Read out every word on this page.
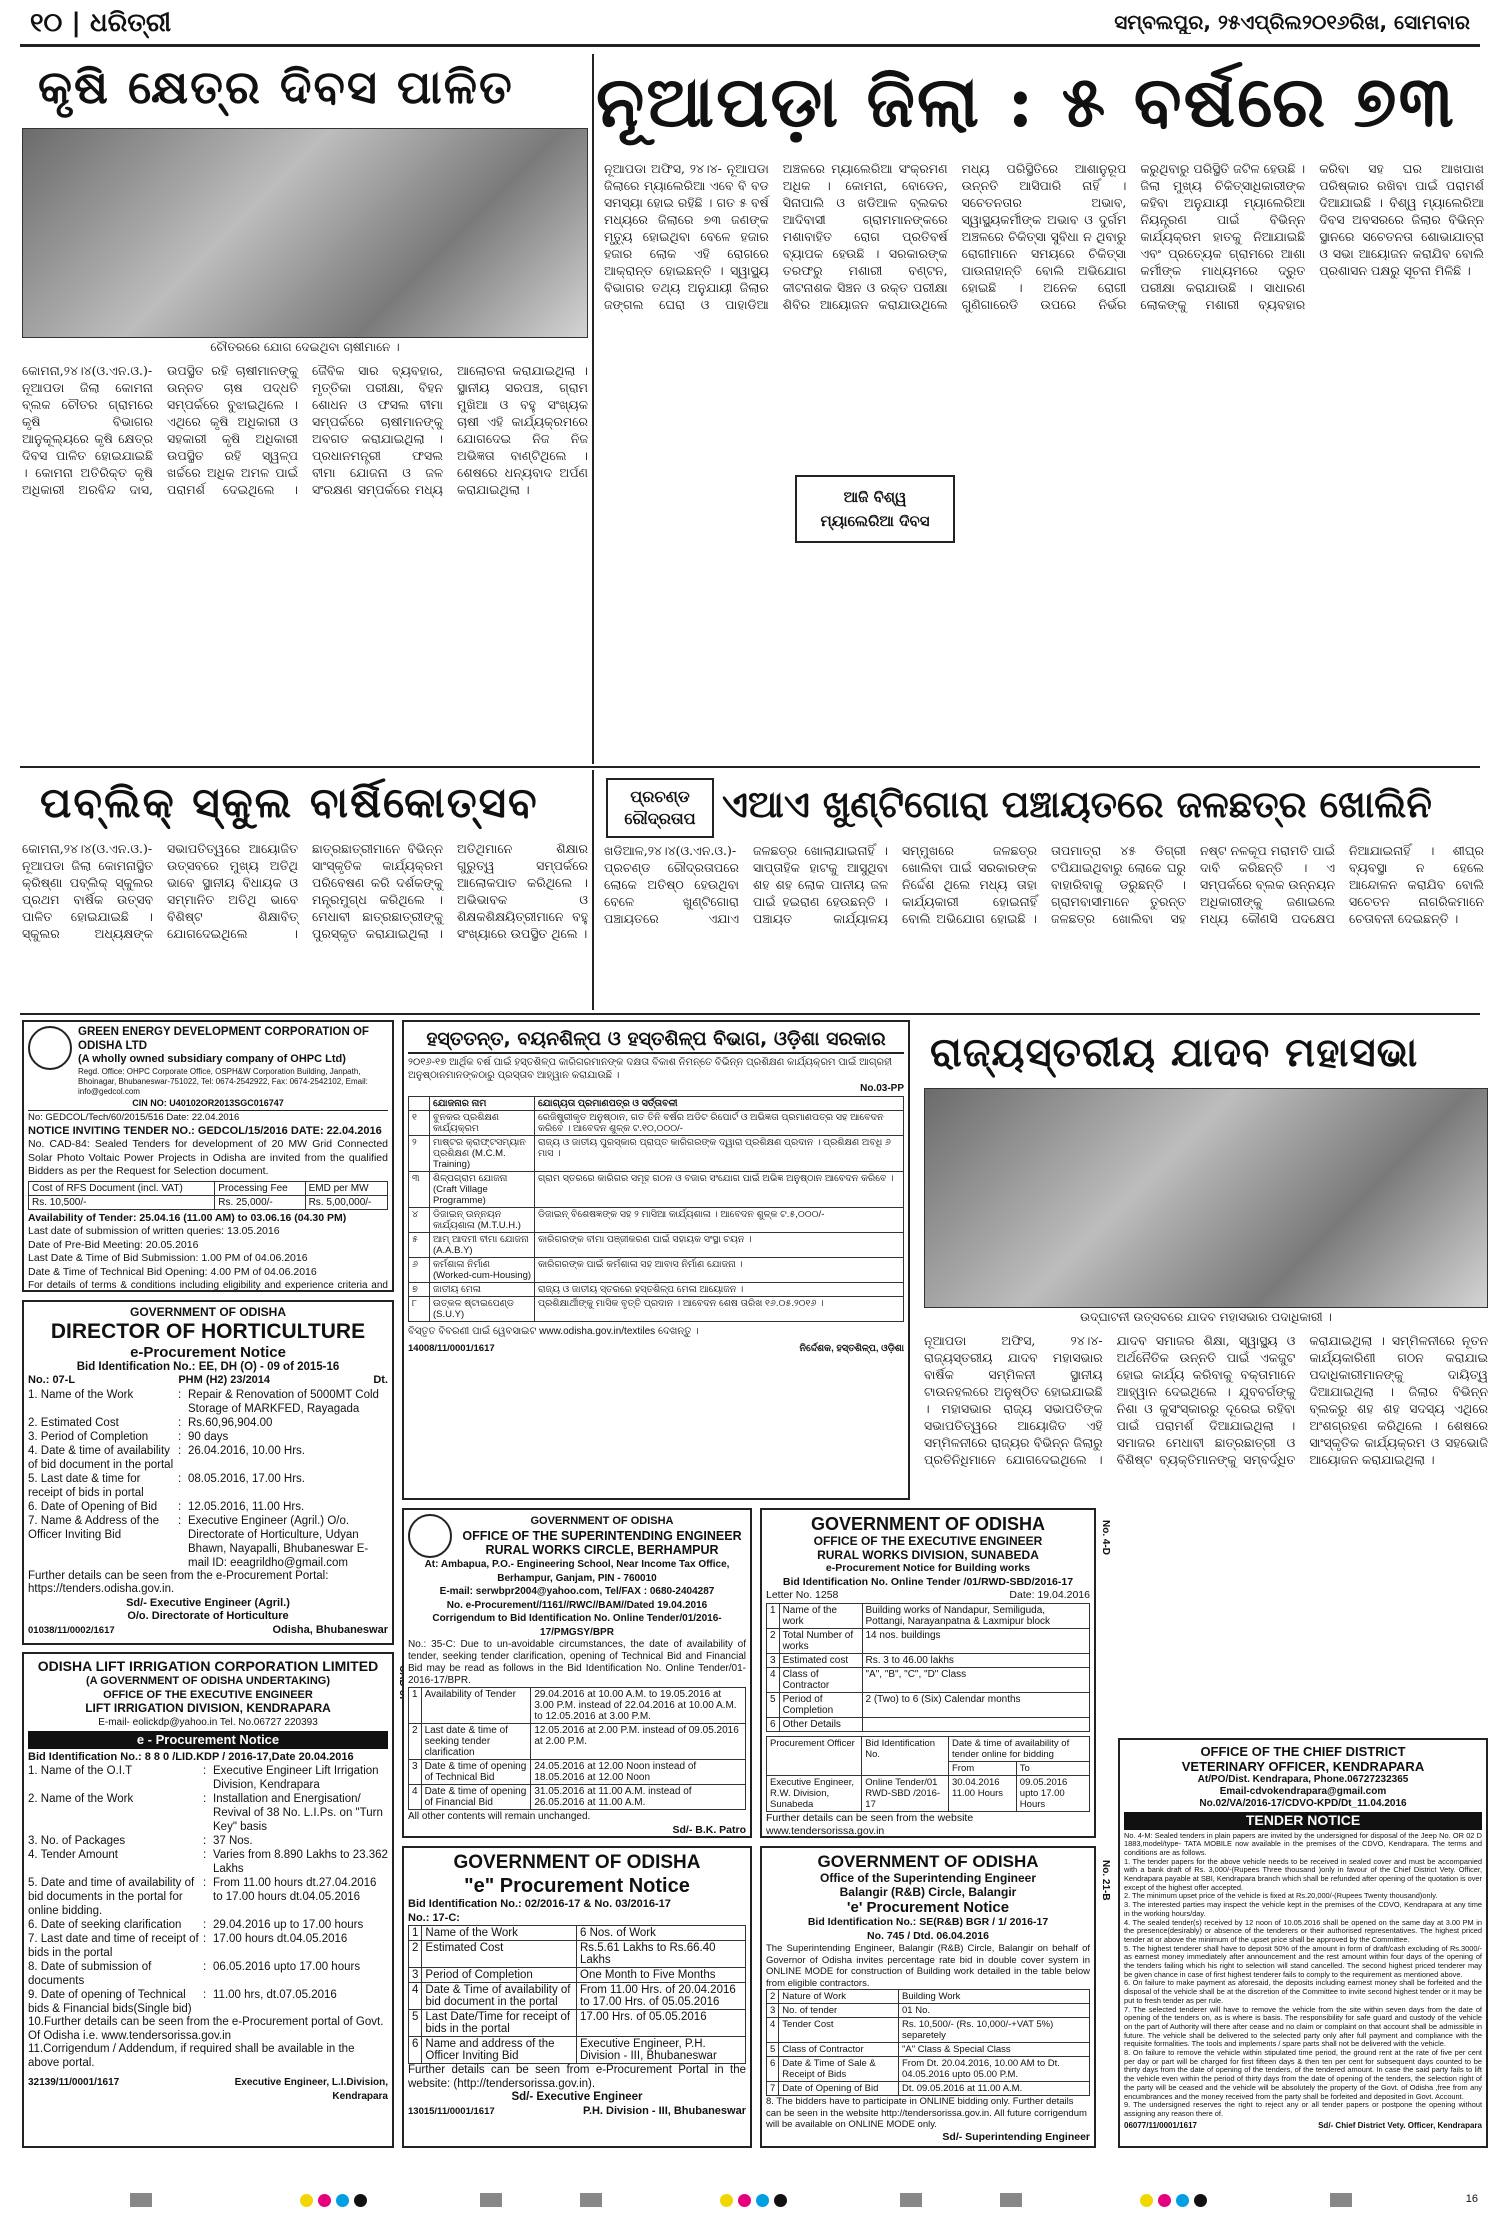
୧୦ | ଧରିତ୍ରୀ	ସମ୍ବଲପୁର, ୨୫ଏପ୍ରିଲ୨୦୧୬ରିଖ, ସୋମବାର
କୃଷି କ୍ଷେତ୍ର ଦିବସ ପାଳିତ
ଚୌତରରେ ଯୋଗ ଦେଇଥିବା ଚାଷୀମାନେ ।
କୋମନା,୨୪।୪(ଓ.ଏନ.ଓ.)- ନୂଆପଡା ଜିଲା କୋମନା ବ୍ଲକ ଚୌତର ଗ୍ରାମରେ କୃଷି ବିଭାଗର ଆନୁକୂଲ୍ୟରେ କୃଷି କ୍ଷେତ୍ର ଦିବସ ପାଳିତ ହୋଇଯାଇଛି । କୋମନା ଅତିରିକ୍ତ କୃଷି ଅଧିକାରୀ ଅରବିନ୍ଦ ଦାସ, ଉପସ୍ଥିତ ରହି ଚାଷୀମାନଙ୍କୁ ଉନ୍ନତ ଚାଷ ପଦ୍ଧତି ସମ୍ପର୍କରେ ବୁଝାଇଥିଲେ । ଏଥିରେ କୃଷି ଅଧିକାରୀ ଓ ସହକାରୀ କୃଷି ଅଧିକାରୀ ଉପସ୍ଥିତ ରହି ସ୍ୱଳ୍ପ ଖର୍ଚ୍ଚରେ ଅଧିକ ଅମଳ ପାଇଁ ପରାମର୍ଶ ଦେଇଥିଲେ । ଜୈବିକ ସାର ବ୍ୟବହାର, ମୃତ୍ତିକା ପରୀକ୍ଷା, ବିହନ ଶୋଧନ ଓ ଫସଲ ବୀମା ସମ୍ପର୍କରେ ଚାଷୀମାନଙ୍କୁ ଅବଗତ କରାଯାଇଥିଲା । ପ୍ରଧାନମନ୍ତ୍ରୀ ଫସଲ ବୀମା ଯୋଜନା ଓ ଜଳ ସଂରକ୍ଷଣ ସମ୍ପର୍କରେ ମଧ୍ୟ ଆଲୋଚନା କରାଯାଇଥିଲା । ସ୍ଥାନୀୟ ସରପଞ୍ଚ, ଗ୍ରାମ ମୁଖିଆ ଓ ବହୁ ସଂଖ୍ୟକ ଚାଷୀ ଏହି କାର୍ଯ୍ୟକ୍ରମରେ ଯୋଗଦେଇ ନିଜ ନିଜ ଅଭିଜ୍ଞତା ବାଣ୍ଟିଥିଲେ । ଶେଷରେ ଧନ୍ୟବାଦ ଅର୍ପଣ କରାଯାଇଥିଲା ।
ନୂଆପଡ଼ା ଜିଲା : ୫ ବର୍ଷରେ ୭୩
ନୂଆପଡା ଅଫିସ, ୨୪।୪- ନୂଆପଡା ଜିଲାରେ ମ୍ୟାଲେରିଆ ଏବେ ବି ବଡ ସମସ୍ୟା ହୋଇ ରହିଛି । ଗତ ୫ ବର୍ଷ ମଧ୍ୟରେ ଜିଲାରେ ୭୩ ଜଣଙ୍କ ମୃତ୍ୟୁ ହୋଇଥିବା ବେଳେ ହଜାର ହଜାର ଲୋକ ଏହି ରୋଗରେ ଆକ୍ରାନ୍ତ ହୋଇଛନ୍ତି । ସ୍ୱାସ୍ଥ୍ୟ ବିଭାଗର ତଥ୍ୟ ଅନୁଯାୟୀ ଜିଲାର ଜଙ୍ଗଲ ଘେରା ଓ ପାହାଡିଆ ଅଞ୍ଚଳରେ ମ୍ୟାଲେରିଆ ସଂକ୍ରମଣ ଅଧିକ । କୋମନା, ବୋଡେନ, ସିନାପାଲି ଓ ଖଡିଆଳ ବ୍ଲକର ଆଦିବାସୀ ଗ୍ରାମମାନଙ୍କରେ ମଶାବାହିତ ରୋଗ ପ୍ରତିବର୍ଷ ବ୍ୟାପକ ହେଉଛି । ସରକାରଙ୍କ ତରଫରୁ ମଶାରୀ ବଣ୍ଟନ, କୀଟନାଶକ ସିଞ୍ଚନ ଓ ରକ୍ତ ପରୀକ୍ଷା ଶିବିର ଆୟୋଜନ କରାଯାଉଥିଲେ ମଧ୍ୟ ପରିସ୍ଥିତିରେ ଆଶାନୁରୂପ ଉନ୍ନତି ଆସିପାରି ନାହିଁ । ସଚେତନତାର ଅଭାବ, ସ୍ୱାସ୍ଥ୍ୟକର୍ମୀଙ୍କ ଅଭାବ ଓ ଦୁର୍ଗମ ଅଞ୍ଚଳରେ ଚିକିତ୍ସା ସୁବିଧା ନ ଥିବାରୁ ରୋଗୀମାନେ ସମୟରେ ଚିକିତ୍ସା ପାଉନାହାନ୍ତି ବୋଲି ଅଭିଯୋଗ ହୋଇଛି । ଅନେକ ରୋଗୀ ଗୁଣିଗାରେଡି ଉପରେ ନିର୍ଭର କରୁଥିବାରୁ ପରିସ୍ଥିତି ଜଟିଳ ହେଉଛି । ଜିଲା ମୁଖ୍ୟ ଚିକିତ୍ସାଧିକାରୀଙ୍କ କହିବା ଅନୁଯାୟୀ ମ୍ୟାଲେରିଆ ନିୟନ୍ତ୍ରଣ ପାଇଁ ବିଭିନ୍ନ କାର୍ଯ୍ୟକ୍ରମ ହାତକୁ ନିଆଯାଇଛି ଏବଂ ପ୍ରତ୍ୟେକ ଗ୍ରାମରେ ଆଶା କର୍ମୀଙ୍କ ମାଧ୍ୟମରେ ଦ୍ରୁତ ପରୀକ୍ଷା କରାଯାଉଛି । ସାଧାରଣ ଲୋକଙ୍କୁ ମଶାରୀ ବ୍ୟବହାର କରିବା ସହ ଘର ଆଖପାଖ ପରିଷ୍କାର ରଖିବା ପାଇଁ ପରାମର୍ଶ ଦିଆଯାଇଛି । ବିଶ୍ୱ ମ୍ୟାଲେରିଆ ଦିବସ ଅବସରରେ ଜିଲାର ବିଭିନ୍ନ ସ୍ଥାନରେ ସଚେତନତା ଶୋଭାଯାତ୍ରା ଓ ସଭା ଆୟୋଜନ କରାଯିବ ବୋଲି ପ୍ରଶାସନ ପକ୍ଷରୁ ସୂଚନା ମିଳିଛି ।
ଆଜି ବିଶ୍ୱ ମ୍ୟାଲେରିଆ ଦିବସ
ପବ୍ଲିକ୍ ସ୍କୁଲ ବାର୍ଷିକୋତ୍ସବ
କୋମନା,୨୪।୪(ଓ.ଏନ.ଓ.)- ନୂଆପଡା ଜିଲା କୋମନାସ୍ଥିତ କ୍ରିଷ୍ଣା ପବ୍ଲିକ୍ ସ୍କୁଲର ପ୍ରଥମ ବାର୍ଷିକ ଉତ୍ସବ ପାଳିତ ହୋଇଯାଇଛି । ସ୍କୁଲର ଅଧ୍ୟକ୍ଷଙ୍କ ସଭାପତିତ୍ୱରେ ଆୟୋଜିତ ଉତ୍ସବରେ ମୁଖ୍ୟ ଅତିଥି ଭାବେ ସ୍ଥାନୀୟ ବିଧାୟକ ଓ ସମ୍ମାନିତ ଅତିଥି ଭାବେ ବିଶିଷ୍ଟ ଶିକ୍ଷାବିତ୍ ଯୋଗଦେଇଥିଲେ । ଛାତ୍ରଛାତ୍ରୀମାନେ ବିଭିନ୍ନ ସାଂସ୍କୃତିକ କାର୍ଯ୍ୟକ୍ରମ ପରିବେଷଣ କରି ଦର୍ଶକଙ୍କୁ ମନ୍ତ୍ରମୁଗ୍ଧ କରିଥିଲେ । ମେଧାବୀ ଛାତ୍ରଛାତ୍ରୀଙ୍କୁ ପୁରସ୍କୃତ କରାଯାଇଥିଲା । ଅତିଥିମାନେ ଶିକ୍ଷାର ଗୁରୁତ୍ୱ ସମ୍ପର୍କରେ ଆଲୋକପାତ କରିଥିଲେ । ଅଭିଭାବକ ଓ ଶିକ୍ଷକଶିକ୍ଷୟିତ୍ରୀମାନେ ବହୁ ସଂଖ୍ୟାରେ ଉପସ୍ଥିତ ଥିଲେ ।
ପ୍ରଚଣ୍ଡ ରୌଦ୍ରତାପ ଏଆଏ ଖୁଣ୍ଟିଗୋରା ପଞ୍ଚାୟତରେ ଜଳଛତ୍ର ଖୋଲିନି
ଖଡିଆଳ,୨୪।୪(ଓ.ଏନ.ଓ.)- ପ୍ରଚଣ୍ଡ ରୌଦ୍ରତାପରେ ଲୋକେ ଅତିଷ୍ଠ ହେଉଥିବା ବେଳେ ଖୁଣ୍ଟିଗୋରା ପଞ୍ଚାୟତରେ ଏଯାଏ ଜଳଛତ୍ର ଖୋଲାଯାଇନାହିଁ । ସାପ୍ତାହିକ ହାଟକୁ ଆସୁଥିବା ଶହ ଶହ ଲୋକ ପାନୀୟ ଜଳ ପାଇଁ ହଇରାଣ ହେଉଛନ୍ତି । ପଞ୍ଚାୟତ କାର୍ଯ୍ୟାଳୟ ସମ୍ମୁଖରେ ଜଳଛତ୍ର ଖୋଲିବା ପାଇଁ ସରକାରଙ୍କ ନିର୍ଦ୍ଦେଶ ଥିଲେ ମଧ୍ୟ ତାହା କାର୍ଯ୍ୟକାରୀ ହୋଇନାହିଁ ବୋଲି ଅଭିଯୋଗ ହୋଇଛି । ତାପମାତ୍ରା ୪୫ ଡିଗ୍ରୀ ଟପିଯାଇଥିବାରୁ ଲୋକେ ଘରୁ ବାହାରିବାକୁ ଡରୁଛନ୍ତି । ଗ୍ରାମବାସୀମାନେ ତୁରନ୍ତ ଜଳଛତ୍ର ଖୋଲିବା ସହ ନଷ୍ଟ ନଳକୂପ ମରାମତି ପାଇଁ ଦାବି କରିଛନ୍ତି । ଏ ସମ୍ପର୍କରେ ବ୍ଲକ ଉନ୍ନୟନ ଅଧିକାରୀଙ୍କୁ ଜଣାଇଲେ ମଧ୍ୟ କୌଣସି ପଦକ୍ଷେପ ନିଆଯାଇନାହିଁ । ଶୀଘ୍ର ବ୍ୟବସ୍ଥା ନ ହେଲେ ଆନ୍ଦୋଳନ କରାଯିବ ବୋଲି ସଚେତନ ନାଗରିକମାନେ ଚେତାବନୀ ଦେଇଛନ୍ତି ।
GREEN ENERGY DEVELOPMENT CORPORATION OF ODISHA LTD
(A wholly owned subsidiary company of OHPC Ltd)
Regd. Office: OHPC Corporate Office, OSPH&W Corporation Building, Janpath, Bhoinagar, Bhubaneswar-751022, Tel: 0674-2542922, Fax: 0674-2542102, Email: info@gedcol.com
CIN NO: U40102OR2013SGC016747
No: GEDCOL/Tech/60/2015/516 Date: 22.04.2016
NOTICE INVITING TENDER NO.: GEDCOL/15/2016 DATE: 22.04.2016
No. CAD-84: Sealed Tenders for development of 20 MW Grid Connected Solar Photo Voltaic Power Projects in Odisha are invited from the qualified Bidders as per the Request for Selection document.
Cost of RFS Document (incl. VAT)	Processing Fee	EMD per MW
Rs. 10,500/-	Rs. 25,000/-	Rs. 5,00,000/-
Availability of Tender: 25.04.16 (11.00 AM) to 03.06.16 (04.30 PM)
Last date of submission of written queries: 13.05.2016
Date of Pre-Bid Meeting: 20.05.2016
Last Date & Time of Bid Submission: 1.00 PM of 04.06.2016
Date & Time of Technical Bid Opening: 4.00 PM of 04.06.2016
For details of terms & conditions including eligibility and experience criteria and
GOVERNMENT OF ODISHA
DIRECTOR OF HORTICULTURE
e-Procurement Notice
Bid Identification No.: EE, DH (O) - 09 of 2015-16
No.: 07-L	PHM (H2) 23/2014	Dt.
1. Name of the Work	: Repair & Renovation of 5000MT Cold Storage of MARKFED, Rayagada
2. Estimated Cost	: Rs.60,96,904.00
3. Period of Completion	: 90 days
4. Date & time of availability of bid document in the portal
: 26.04.2016, 10.00 Hrs.
5. Last date & time for receipt of bids in portal
: 08.05.2016, 17.00 Hrs.
6. Date of Opening of Bid	: 12.05.2016, 11.00 Hrs.
7. Name & Address of the Officer Inviting Bid
: Executive Engineer (Agril.) O/o. Directorate of Horticulture, Udyan Bhawn, Nayapalli, Bhubaneswar E-mail ID: eeagrildho@gmail.com
Further details can be seen from the e-Procurement Portal: https://tenders.odisha.gov.in.
Sd/- Executive Engineer (Agril.)
O/o. Directorate of Horticulture
01038/11/0002/1617	Odisha, Bhubaneswar
ODISHA LIFT IRRIGATION CORPORATION LIMITED
(A GOVERNMENT OF ODISHA UNDERTAKING)
OFFICE OF THE EXECUTIVE ENGINEER
LIFT IRRIGATION DIVISION, KENDRAPARA
E-mail- eolickdp@yahoo.in Tel. No.06727 220393
e - Procurement Notice
Bid Identification No.: 8 8 0 /LID.KDP / 2016-17,Date 20.04.2016
1. Name of the O.I.T	: Executive Engineer Lift Irrigation Division, Kendrapara
2. Name of the Work	: Installation and Energisation/ Revival of 38 No. L.I.Ps. on "Turn Key" basis
3. No. of Packages	: 37 Nos.
4. Tender Amount	: Varies from 8.890 Lakhs to 23.362 Lakhs
5. Date and time of availability of bid documents in the portal for online bidding.
: From 11.00 hours dt.27.04.2016 to 17.00 hours dt.04.05.2016
6. Date of seeking clarification	: 29.04.2016 up to 17.00 hours
7. Last date and time of receipt of bids in the portal
: 17.00 hours dt.04.05.2016
8. Date of submission of documents
: 06.05.2016 upto 17.00 hours
9. Date of opening of Technical bids & Financial bids(Single bid)
: 11.00 hrs, dt.07.05.2016
10.Further details can be seen from the e-Procurement portal of Govt. Of Odisha i.e. www.tendersorissa.gov.in
11.Corrigendum / Addendum, if required shall be available in the above portal.
32139/11/0001/1617	Executive Engineer, L.I.Division, Kendrapara
ହସ୍ତତନ୍ତ, ବୟନଶିଳ୍ପ ଓ ହସ୍ତଶିଳ୍ପ ବିଭାଗ, ଓଡ଼ିଶା ସରକାର
୨୦୧୬-୧୭ ଆର୍ଥିକ ବର୍ଷ ପାଇଁ ହସ୍ତଶିଳ୍ପ କାରିଗରମାନଙ୍କ ଦକ୍ଷତା ବିକାଶ ନିମନ୍ତେ ବିଭିନ୍ନ ପ୍ରଶିକ୍ଷଣ କାର୍ଯ୍ୟକ୍ରମ ପାଇଁ ଆଗ୍ରହୀ ଅନୁଷ୍ଠାନମାନଙ୍କଠାରୁ ପ୍ରସ୍ତାବ ଆହ୍ୱାନ କରାଯାଉଛି ।
No.03-PP
	ଯୋଜନାର ନାମ	ଯୋଗ୍ୟତା ପ୍ରମାଣପତ୍ର ଓ ସର୍ତ୍ତାବଳୀ
୧	ବୁନକର ପ୍ରଶିକ୍ଷଣ କାର୍ଯ୍ୟକ୍ରମ	ରେଜିଷ୍ଟ୍ରୀକୃତ ଅନୁଷ୍ଠାନ, ଗତ ତିନି ବର୍ଷର ଅଡିଟ ରିପୋର୍ଟ ଓ ଅଭିଜ୍ଞତା ପ୍ରମାଣପତ୍ର ସହ ଆବେଦନ କରିବେ । ଆବେଦନ ଶୁଳ୍କ ଟ.୧୦,୦୦୦/-
୨	ମାଷ୍ଟର କ୍ରାଫ୍ଟସମ୍ୟାନ ପ୍ରଶିକ୍ଷଣ (M.C.M. Training)	ରାଜ୍ୟ ଓ ଜାତୀୟ ପୁରସ୍କାର ପ୍ରାପ୍ତ କାରିଗରଙ୍କ ଦ୍ୱାରା ପ୍ରଶିକ୍ଷଣ ପ୍ରଦାନ । ପ୍ରଶିକ୍ଷଣ ଅବଧି ୬ ମାସ ।
୩	ଶିଳ୍ପଗ୍ରାମ ଯୋଜନା (Craft Village Programme)	ଗ୍ରାମ ସ୍ତରରେ କାରିଗର ସମୂହ ଗଠନ ଓ ବଜାର ସଂଯୋଗ ପାଇଁ ଅଭିଜ୍ଞ ଅନୁଷ୍ଠାନ ଆବେଦନ କରିବେ ।
୪	ଡିଜାଇନ୍ ଉନ୍ନୟନ କାର୍ଯ୍ୟଶାଳା (M.T.U.H.)	ଡିଜାଇନ୍ ବିଶେଷଜ୍ଞଙ୍କ ସହ ୨ ମାସିଆ କାର୍ଯ୍ୟଶାଳା । ଆବେଦନ ଶୁଳ୍କ ଟ.୫,୦୦୦/-
୫	ଆମ୍ ଆଦମୀ ବୀମା ଯୋଜନା (A.A.B.Y)	କାରିଗରଙ୍କ ବୀମା ପଞ୍ଜୀକରଣ ପାଇଁ ସହାୟକ ସଂସ୍ଥା ଚୟନ ।
୬	କର୍ମଶାଳା ନିର୍ମାଣ (Worked-cum-Housing)	କାରିଗରଙ୍କ ପାଇଁ କର୍ମଶାଳା ସହ ଆବାସ ନିର୍ମାଣ ଯୋଜନା ।
୭	ଜାତୀୟ ମେଳା	ରାଜ୍ୟ ଓ ଜାତୀୟ ସ୍ତରରେ ହସ୍ତଶିଳ୍ପ ମେଳା ଆୟୋଜନ ।
୮	ଉତ୍କଳ ଷ୍ଟାଇପେଣ୍ଡ (S.U.Y)	ପ୍ରଶିକ୍ଷାର୍ଥୀଙ୍କୁ ମାସିକ ବୃତ୍ତି ପ୍ରଦାନ । ଆବେଦନ ଶେଷ ତାରିଖ ୧୬.୦୫.୨୦୧୬ ।
ବିସ୍ତୃତ ବିବରଣୀ ପାଇଁ ୱେବସାଇଟ www.odisha.gov.in/textiles ଦେଖନ୍ତୁ ।
14008/11/0001/1617	ନିର୍ଦ୍ଦେଶକ, ହସ୍ତଶିଳ୍ପ, ଓଡ଼ିଶା
ରାଜ୍ୟସ୍ତରୀୟ ଯାଦବ ମହାସଭା
ଉଦ୍‌ଘାଟନୀ ଉତ୍ସବରେ ଯାଦବ ମହାସଭାର ପଦାଧିକାରୀ ।
ନୂଆପଡା ଅଫିସ, ୨୪।୪- ରାଜ୍ୟସ୍ତରୀୟ ଯାଦବ ମହାସଭାର ବାର୍ଷିକ ସମ୍ମିଳନୀ ସ୍ଥାନୀୟ ଟାଉନହଲରେ ଅନୁଷ୍ଠିତ ହୋଇଯାଇଛି । ମହାସଭାର ରାଜ୍ୟ ସଭାପତିଙ୍କ ସଭାପତିତ୍ୱରେ ଆୟୋଜିତ ଏହି ସମ୍ମିଳନୀରେ ରାଜ୍ୟର ବିଭିନ୍ନ ଜିଲାରୁ ପ୍ରତିନିଧିମାନେ ଯୋଗଦେଇଥିଲେ । ଯାଦବ ସମାଜର ଶିକ୍ଷା, ସ୍ୱାସ୍ଥ୍ୟ ଓ ଅର୍ଥନୈତିକ ଉନ୍ନତି ପାଇଁ ଏକଜୁଟ ହୋଇ କାର୍ଯ୍ୟ କରିବାକୁ ବକ୍ତାମାନେ ଆହ୍ୱାନ ଦେଇଥିଲେ । ଯୁବବର୍ଗଙ୍କୁ ନିଶା ଓ କୁସଂସ୍କାରରୁ ଦୂରେଇ ରହିବା ପାଇଁ ପରାମର୍ଶ ଦିଆଯାଇଥିଲା । ସମାଜର ମେଧାବୀ ଛାତ୍ରଛାତ୍ରୀ ଓ ବିଶିଷ୍ଟ ବ୍ୟକ୍ତିମାନଙ୍କୁ ସମ୍ବର୍ଦ୍ଧିତ କରାଯାଇଥିଲା । ସମ୍ମିଳନୀରେ ନୂତନ କାର୍ଯ୍ୟକାରିଣୀ ଗଠନ କରାଯାଇ ପଦାଧିକାରୀମାନଙ୍କୁ ଦାୟିତ୍ୱ ଦିଆଯାଇଥିଲା । ଜିଲାର ବିଭିନ୍ନ ବ୍ଲକରୁ ଶହ ଶହ ସଦସ୍ୟ ଏଥିରେ ଅଂଶଗ୍ରହଣ କରିଥିଲେ । ଶେଷରେ ସାଂସ୍କୃତିକ କାର୍ଯ୍ୟକ୍ରମ ଓ ସହଭୋଜି ଆୟୋଜନ କରାଯାଇଥିଲା ।
GOVERNMENT OF ODISHA
OFFICE OF THE SUPERINTENDING ENGINEER
RURAL WORKS CIRCLE, BERHAMPUR
At: Ambapua, P.O.- Engineering School, Near Income Tax Office, Berhampur, Ganjam, PIN - 760010
E-mail: serwbpr2004@yahoo.com, Tel/FAX : 0680-2404287
No. e-Procurement//1161//RWC//BAM//Dated 19.04.2016
Corrigendum to Bid Identification No. Online Tender/01/2016-17/PMGSY/BPR
No.: 35-C: Due to un-avoidable circumstances, the date of availability of tender, seeking tender clarification, opening of Technical Bid and Financial Bid may be read as follows in the Bid Identification No. Online Tender/01-2016-17/BPR.
1	Availability of Tender	29.04.2016 at 10.00 A.M. to 19.05.2016 at 3.00 P.M. instead of 22.04.2016 at 10.00 A.M. to 12.05.2016 at 3.00 P.M.
2	Last date & time of seeking tender clarification	12.05.2016 at 2.00 P.M. instead of 09.05.2016 at 2.00 P.M.
3	Date & time of opening of Technical Bid	24.05.2016 at 12.00 Noon instead of 18.05.2016 at 12.00 Noon
4	Date & time of opening of Financial Bid	31.05.2016 at 11.00 A.M. instead of 26.05.2016 at 11.00 A.M.
All other contents will remain unchanged.
Sd/- B.K. Patro
GOVERNMENT OF ODISHA
OFFICE OF THE EXECUTIVE ENGINEER
RURAL WORKS DIVISION, SUNABEDA
e-Procurement Notice for Building works
Bid Identification No. Online Tender /01/RWD-SBD/2016-17
Letter No. 1258	Date: 19.04.2016
1	Name of the work	Building works of Nandapur, Semiliguda, Pottangi, Narayanpatna & Laxmipur block
2	Total Number of works	14 nos. buildings
3	Estimated cost	Rs. 3 to 46.00 lakhs
4	Class of Contractor	"A", "B", "C", "D" Class
5	Period of Completion	2 (Two) to 6 (Six) Calendar months
6	Other Details	
Procurement Officer	Bid Identification No.	Date & time of availability of tender online for bidding	
		From	To
Executive Engineer, R.W. Division, Sunabeda	Online Tender/01 RWD-SBD /2016-17	30.04.2016 11.00 Hours	09.05.2016 upto 17.00 Hours
Further details can be seen from the website www.tendersorissa.gov.in
No. 4-D
GOVERNMENT OF ODISHA
"e" Procurement Notice
Bid Identification No.: 02/2016-17 & No. 03/2016-17
No.: 17-C:
1	Name of the Work	6 Nos. of Work
2	Estimated Cost	Rs.5.61 Lakhs to Rs.66.40 Lakhs
3	Period of Completion	One Month to Five Months
4	Date & Time of availability of bid document in the portal	From 11.00 Hrs. of 20.04.2016 to 17.00 Hrs. of 05.05.2016
5	Last Date/Time for receipt of bids in the portal	17.00 Hrs. of 05.05.2016
6	Name and address of the Officer Inviting Bid	Executive Engineer, P.H. Division - III, Bhubaneswar
Further details can be seen from e-Procurement Portal in the website: (http://tendersorissa.gov.in).
Sd/- Executive Engineer
13015/11/0001/1617	P.H. Division - III, Bhubaneswar
GOVERNMENT OF ODISHA
Office of the Superintending Engineer
Balangir (R&B) Circle, Balangir
'e' Procurement Notice
Bid Identification No.: SE(R&B) BGR / 1/ 2016-17
No. 745 / Dtd. 06.04.2016
The Superintending Engineer, Balangir (R&B) Circle, Balangir on behalf of Governor of Odisha invites percentage rate bid in double cover system in ONLINE MODE for construction of Building work detailed in the table below from eligible contractors.
2	Nature of Work	Building Work
3	No. of tender	01 No.
4	Tender Cost	Rs. 10,500/- (Rs. 10,000/-+VAT 5%) separetely
5	Class of Contractor	"A" Class & Special Class
6	Date & Time of Sale & Receipt of Bids	From Dt. 20.04.2016, 10.00 AM to Dt. 04.05.2016 upto 05.00 P.M.
7	Date of Opening of Bid	Dt. 09.05.2016 at 11.00 A.M.
8. The bidders have to participate in ONLINE bidding only. Further details can be seen in the website http://tendersorissa.gov.in. All future corrigendum will be available on ONLINE MODE only.
Sd/- Superintending Engineer
No. 21-B
OFFICE OF THE CHIEF DISTRICT
VETERINARY OFFICER, KENDRAPARA
At/PO/Dist. Kendrapara, Phone.06727232365
Email-cdvokendrapara@gmail.com
No.02/VA/2016-17/CDVO-KPD/Dt_11.04.2016
TENDER NOTICE
No. 4-M: Sealed tenders in plain papers are invited by the undersigned for disposal of the Jeep No. OR 02 D 1883,model/type- TATA MOBILE now available in the premises of the CDVO, Kendrapara. The terms and conditions are as follows.
1. The tender papers for the above vehicle needs to be received in sealed cover and must be accompanied with a bank draft of Rs. 3,000/-(Rupees Three thousand )only in favour of the Chief District Vety. Officer, Kendrapara payable at SBI, Kendrapara branch which shall be refunded after opening of the quotation is over except of the highest offer accepted.
2. The minimum upset price of the vehicle is fixed at Rs.20,000/-(Rupees Twenty thousand)only.
3. The interested parties may inspect the vehicle kept in the premises of the CDVO, Kendrapara at any time in the working hours/day.
4. The sealed tender(s) received by 12 noon of 10.05.2016 shall be opened on the same day at 3.00 PM in the presence(desirably) or absence of the tenderers or their authorised representatives. The highest priced tender at or above the minimum of the upset price shall be approved by the Committee.
5. The highest tenderer shall have to deposit 50% of the amount in form of draft/cash excluding of Rs.3000/-as earnest money immediately after announcement and the rest amount within four days of the opening of the tenders failing which his right to selection will stand cancelled. The second highest priced tenderer may be given chance in case of first highest tenderer fails to comply to the requirement as mentioned above.
6. On failure to make payment as aforesaid, the deposits including earnest money shall be forfeited and the disposal of the vehicle shall be at the discretion of the Committee to invite second highest tender or it may be put to fresh tender as per rule.
7. The selected tenderer will have to remove the vehicle from the site within seven days from the date of opening of the tenders on, as is where is basis. The responsibility for safe guard and custody of the vehicle on the part of Authority will there after cease and no claim or complaint on that account shall be admissible in future. The vehicle shall be delivered to the selected party only after full payment and compliance with the requisite formalities. The tools and implements / spare parts shall not be delivered with the vehicle.
8. On failure to remove the vehicle within stipulated time period, the ground rent at the rate of five per cent per day or part will be charged for first fifteen days & then ten per cent for subsequent days counted to be thirty days from the date of opening of the tenders, of the tendered amount. In case the said party fails to lift the vehicle even within the period of thirty days from the date of opening of the tenders, the selection right of the party will be ceased and the vehicle will be absolutely the property of the Govt. of Odisha ,free from any encumbrances and the money received from the party shall be forfeited and deposited in Govt. Account.
9. The undersigned reserves the right to reject any or all tender papers or postpone the opening without assigning any reason there of.
06077/11/0001/1617	Sd/- Chief District Vety. Officer, Kendrapara
16
